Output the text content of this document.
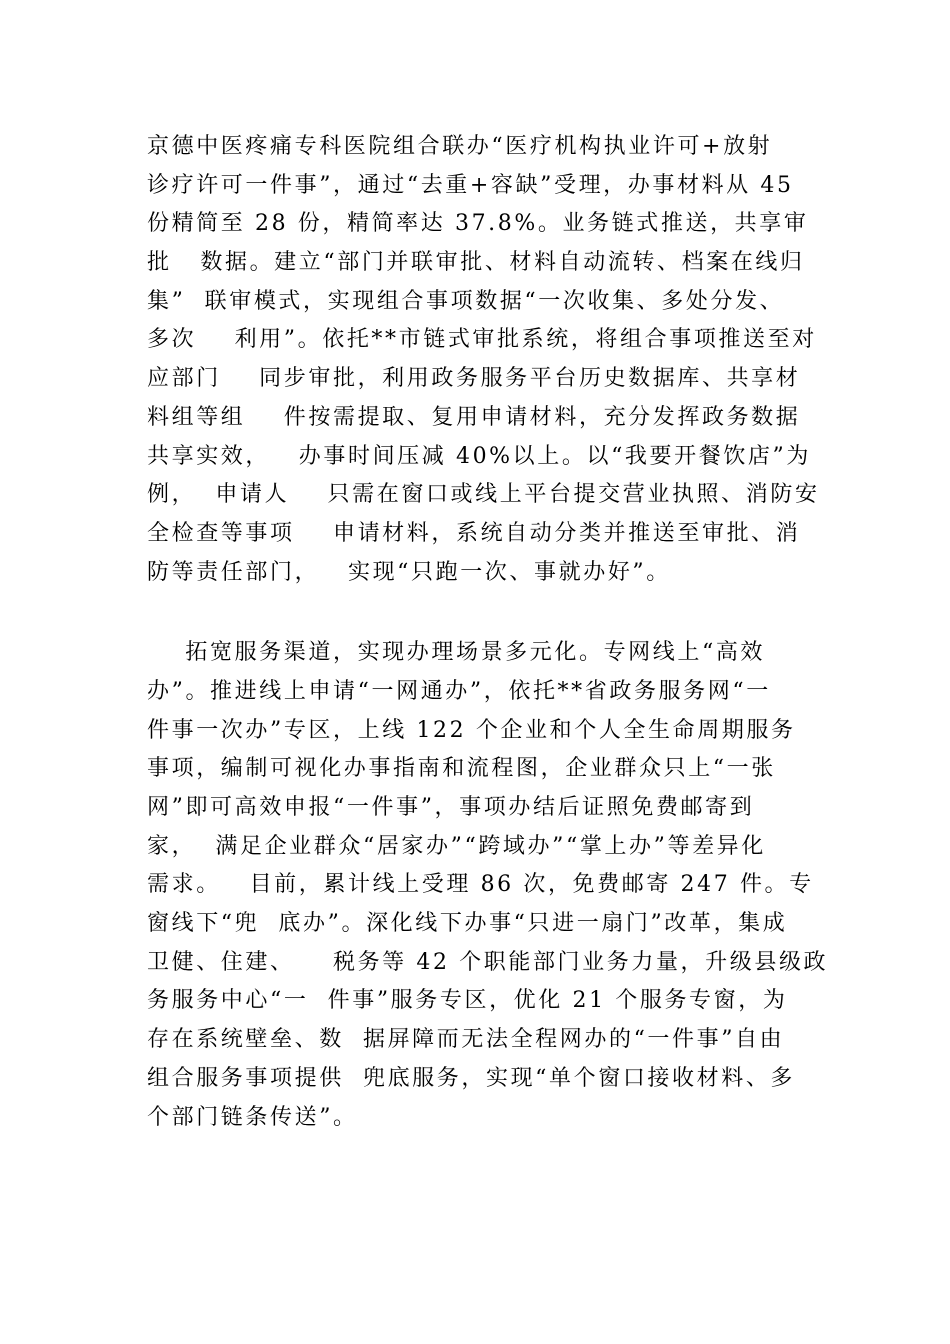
京德中医疼痛专科医院组合联办“医疗机构执业许可+放射
诊疗许可一件事”，通过“去重+容缺”受理，办事材料从 45
份精简至 28 份，精简率达 37.8%。业务链式推送，共享审
批   数据。建立“部门并联审批、材料自动流转、档案在线归
集”  联审模式，实现组合事项数据“一次收集、多处分发、
多次    利用”。依托**市链式审批系统，将组合事项推送至对
应部门    同步审批，利用政务服务平台历史数据库、共享材
料组等组    件按需提取、复用申请材料，充分发挥政务数据
共享实效，   办事时间压减 40%以上。以“我要开餐饮店”为
例，  申请人    只需在窗口或线上平台提交营业执照、消防安
全检查等事项    申请材料，系统自动分类并推送至审批、消
防等责任部门，   实现“只跑一次、事就办好”。
拓宽服务渠道，实现办理场景多元化。专网线上“高效
办”。推进线上申请“一网通办”，依托**省政务服务网“一
件事一次办”专区，上线 122 个企业和个人全生命周期服务
事项，编制可视化办事指南和流程图，企业群众只上“一张
网”即可高效申报“一件事”，事项办结后证照免费邮寄到
家，  满足企业群众“居家办”“跨域办”“掌上办”等差异化
需求。   目前，累计线上受理 86 次，免费邮寄 247 件。专
窗线下“兜  底办”。深化线下办事“只进一扇门”改革，集成
卫健、住建、    税务等 42 个职能部门业务力量，升级县级政
务服务中心“一  件事”服务专区，优化 21 个服务专窗，为
存在系统壁垒、数  据屏障而无法全程网办的“一件事”自由
组合服务事项提供  兜底服务，实现“单个窗口接收材料、多
个部门链条传送”。
